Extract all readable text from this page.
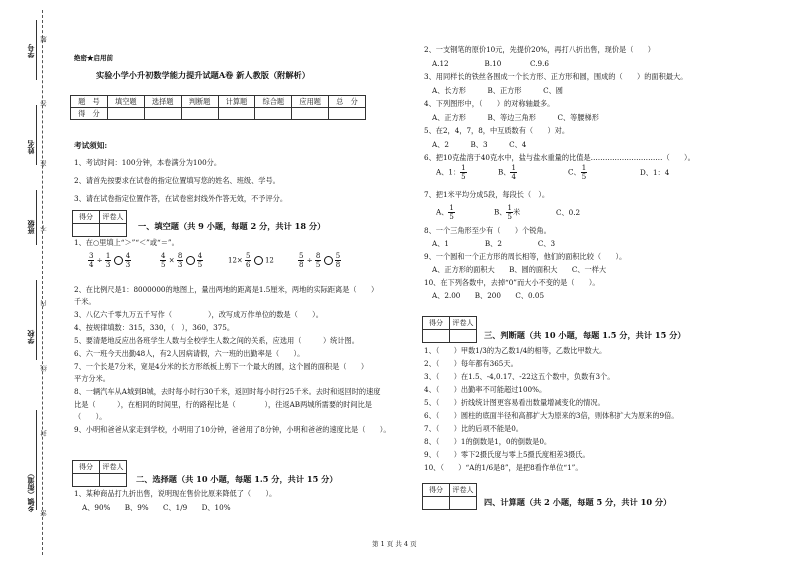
学号
姓名
班级
学校
乡镇（街道）
题
答
准
不
内
线
封
密
绝密★启用前
实验小学小升初数学能力提升试题A卷 新人教版（附解析）
题　号	填空题	选择题	判断题	计算题	综合题	应用题	总　分
得　分							
考试须知:
1、考试时间：100分钟，本卷满分为100分。
2、请首先按要求在试卷的指定位置填写您的姓名、班级、学号。
3、请在试卷指定位置作答，在试卷密封线外作答无效，不予评分。
得分	评卷人

一、填空题（共 9 小题，每题 2 分，共计 18 分）
1、在○里填上“＞”“＜”或“＝”。
$\frac{3}{4} \div \frac{1}{3}$
$\frac{4}{3}$	$\frac{4}{5} \times \frac{8}{3}$
$\frac{4}{5}$	$12\times \frac{5}{6} 12$	$\frac{5}{8} \div \frac{8}{5}$
$\frac{5}{8}$
2、在比例尺是1：8000000的地图上，量出两地的距离是1.5厘米，两地的实际距离是（　　）
千米。
3、八亿六千零九万五千写作（　　　　　），改写成万作单位的数是（　　）。
4、按规律填数：315，330，（　），360，375。
5、要清楚地反应出各班学生人数与全校学生人数之间的关系，应选用（　　　）统计图。
6、六一班今天出勤48人，有2人因病请假，六一班的出勤率是（　　）。
7、一个长是7分米，宽是4分米的长方形纸板上剪下一个最大的圆，这个圆的面积是（　　）
平方分米。
8、一辆汽车从A城到B城，去时每小时行30千米，返回时每小时行25千米。去时和返回时的速度
比是（　　　），在相同的时间里，行的路程比是（　　　　），往返AB两城所需要的时间比是
（　　）。
9、小明和爸爸从家走到学校，小明用了10分钟，爸爸用了8分钟，小明和爸爸的速度比是（　　）。
得分	评卷人

二、选择题（共 10 小题，每题 1.5 分，共计 15 分）
1、某种商品打九折出售，说明现在售价比原来降低了（　　）。
A、90%　　B、9%　　C、1/9　　D、10%
2、一支钢笔的原价10元，先提价20%，再打八折出售，现价是（　　）
A.12　　　　　B.10　　　　C.9.6
3、用同样长的铁丝各围成一个长方形、正方形和圆，围成的（　　）的面积最大。
A、长方形　　　B、正方形　　　C、圆
4、下列图形中，（　　）的对称轴最多。
A、正方形　　　B、等边三角形　　　C、等腰梯形
5、在2，4，7，8，中互质数有（　　）对。
A、2　　　B、3　　　C、4
6、把10克盐溶于40克水中，盐与盐水重量的比值是…………………………（　　）。
A、1： $\frac{1}{5}$	B、 $\frac{1}{4}$	C、 $\frac{1}{5}$	D、1：4
7、把1米平均分成5段，每段长（　）。
A、 $\frac{1}{5}$	B、 $\frac{1}{5}$ 米	C、0.2
8、一个三角形至少有（　　）个锐角。
A、1　　　　　B、2　　　　　C、3
9、一个圆和一个正方形的周长相等，他们的面积比较（　　）。
A、正方形的面积大　　B、圆的面积大　　C、一样大
10、在下列各数中，去掉“0”而大小不变的是（　　）。
A、2.00　　B、200　　C、0.05
得分	评卷人

三、判断题（共 10 小题，每题 1.5 分，共计 15 分）
1、（　　）甲数1/3的为乙数1/4的相等，乙数比甲数大。
2、（　　）每年都有365天。
3、（　　）在1.5、-4,0.17、-22这五个数中，负数有3个。
4、（　　）出勤率不可能超过100%。
5、（　　）折线统计图更容易看出数量增减变化的情况。
6、（　　）圆柱的底面半径和高都扩大为原来的3倍，则体积扩大为原来的9倍。
7、（　　）比的后项不能是0。
8、（　　）1的倒数是1，0的倒数是0。
9、（　　）零下2摄氏度与零上5摄氏度相差3摄氏。
10、（　　）“A的1/6是8”，是把8看作单位“1”。
得分	评卷人

四、计算题（共 2 小题，每题 5 分，共计 10 分）
第 1 页 共 4 页
